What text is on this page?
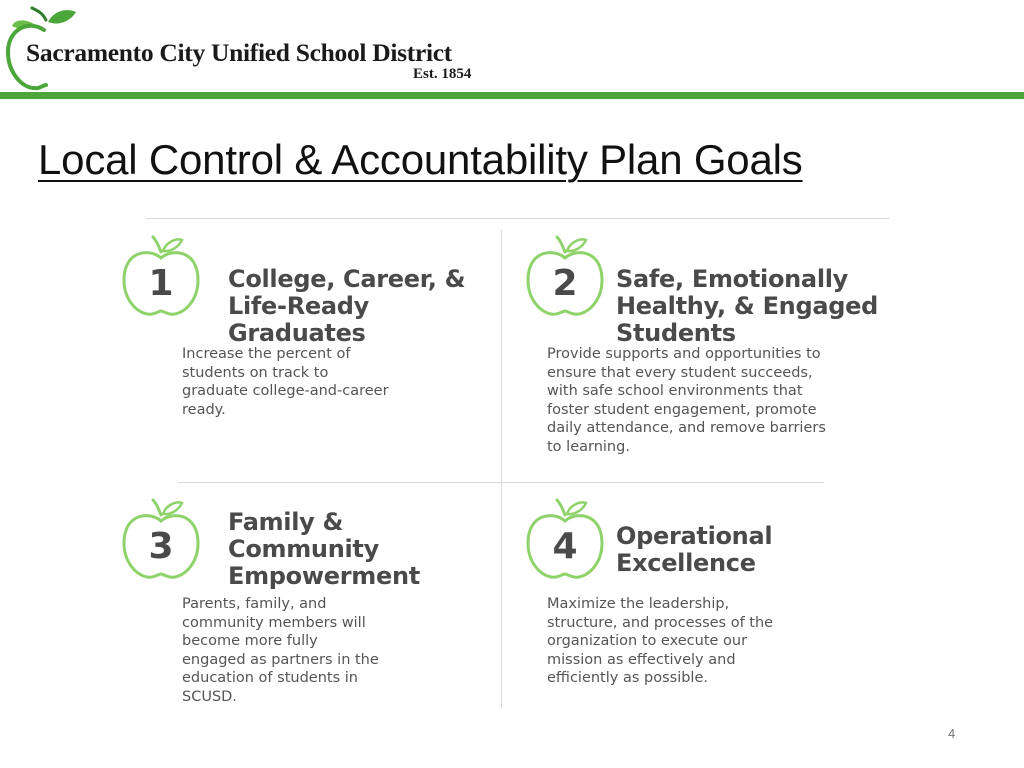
Sacramento City Unified School District
Est. 1854
Local Control & Accountability Plan Goals
1 College, Career, &
Life-Ready
Graduates
Increase the percent of
students on track to
graduate college-and-career
ready.
2 Safe, Emotionally
Healthy, & Engaged
Students
Provide supports and opportunities to
ensure that every student succeeds,
with safe school environments that
foster student engagement, promote
daily attendance, and remove barriers
to learning.
3
Family &
Community
Empowerment
Parents, family, and
community members will
become more fully
engaged as partners in the
education of students in
SCUSD.
4 Operational
Excellence
Maximize the leadership,
structure, and processes of the
organization to execute our
mission as effectively and
efficiently as possible.
4
